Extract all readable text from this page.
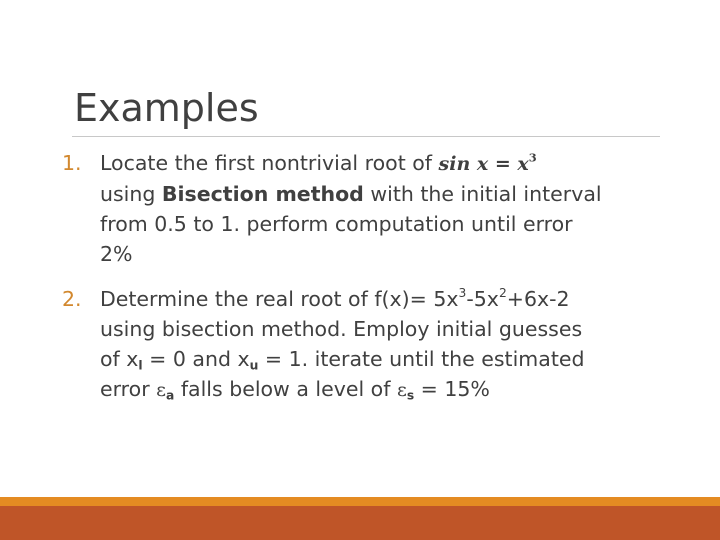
Examples
1. Locate the first nontrivial root of $\sin x = x^3$
using Bisection method with the initial interval
from 0.5 to 1. perform computation until error
2%
2. Determine the real root of $f(x)= 5x^3-5x^2+6x-2$
using bisection method. Employ initial guesses
of $x_l = 0$ and $x_u = 1$. iterate until the estimated
error $\varepsilon_a$ falls below a level of $\varepsilon_s = 15\%$
